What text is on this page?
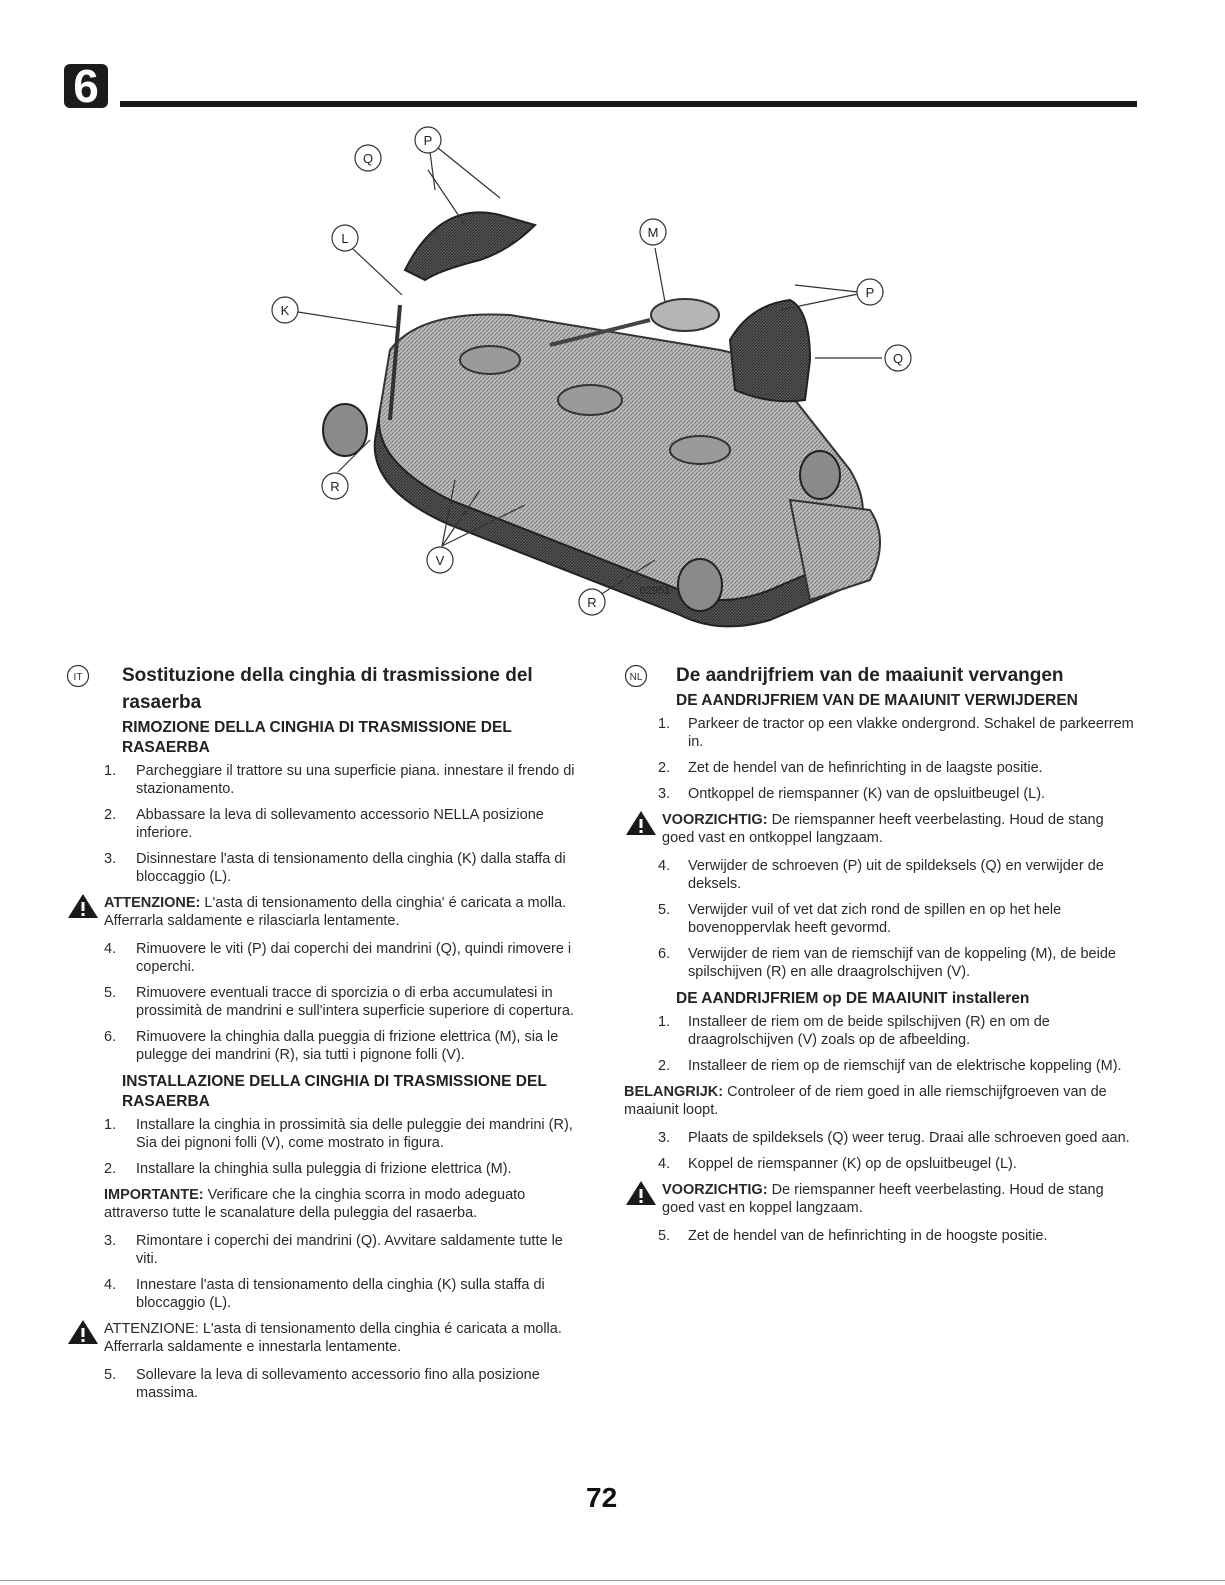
6
P
Q
L
K
M
P
Q
R
V
R
02951
IT Sostituzione della cinghia di trasmissione del rasaerba
RIMOZIONE DELLA CINGHIA DI TRASMISSIONE DEL RASAERBA
1. Parcheggiare il trattore su una superficie piana. innestare il frendo di stazionamento.
2. Abbassare la leva di sollevamento accessorio NELLA posizione inferiore.
3. Disinnestare l'asta di tensionamento della cinghia (K) dalla staffa di bloccaggio (L).
ATTENZIONE: L'asta di tensionamento della cinghia' é caricata a molla. Afferrarla saldamente e rilasciarla lentamente.
4. Rimuovere le viti (P) dai coperchi dei mandrini (Q), quindi rimovere i coperchi.
5. Rimuovere eventuali tracce di sporcizia o di erba accumulatesi in prossimità de mandrini e sull'intera superficie superiore di copertura.
6. Rimuovere la chinghia dalla pueggia di frizione elettrica (M), sia le pulegge dei mandrini (R), sia tutti i pignone folli (V).
INSTALLAZIONE DELLA CINGHIA DI TRASMISSIONE DEL RASAERBA
1. Installare la cinghia in prossimità sia delle puleggie dei mandrini (R), Sia dei pignoni folli (V), come mostrato in figura.
2. Installare la chinghia sulla puleggia di frizione elettrica (M).
IMPORTANTE: Verificare che la cinghia scorra in modo adeguato attraverso tutte le scanalature della puleggia del rasaerba.
3. Rimontare i coperchi dei mandrini (Q). Avvitare saldamente tutte le viti.
4. Innestare l'asta di tensionamento della cinghia (K) sulla staffa di bloccaggio (L).
ATTENZIONE: L'asta di tensionamento della cinghia é caricata a molla. Afferrarla saldamente e innestarla lentamente.
5. Sollevare la leva di sollevamento accessorio fino alla posizione massima.
NL De aandrijfriem van de maaiunit vervangen
DE AANDRIJFRIEM VAN DE MAAIUNIT VERWIJDEREN
1. Parkeer de tractor op een vlakke ondergrond. Schakel de parkeerrem in.
2. Zet de hendel van de hefinrichting in de laagste positie.
3. Ontkoppel de riemspanner (K) van de opsluitbeugel (L).
VOORZICHTIG: De riemspanner heeft veerbelasting. Houd de stang goed vast en ontkoppel langzaam.
4. Verwijder de schroeven (P) uit de spildeksels (Q) en verwijder de deksels.
5. Verwijder vuil of vet dat zich rond de spillen en op het hele bovenoppervlak heeft gevormd.
6. Verwijder de riem van de riemschijf van de koppeling (M), de beide spilschijven (R) en alle draagrolschijven (V).
DE AANDRIJFRIEM op DE MAAIUNIT installeren
1. Installeer de riem om de beide spilschijven (R) en om de draagrolschijven (V) zoals op de afbeelding.
2. Installeer de riem op de riemschijf van de elektrische koppeling (M).
BELANGRIJK: Controleer of de riem goed in alle riemschijfgroeven van de maaiunit loopt.
3. Plaats de spildeksels (Q) weer terug. Draai alle schroeven goed aan.
4. Koppel de riemspanner (K) op de opsluitbeugel (L).
VOORZICHTIG: De riemspanner heeft veerbelasting. Houd de stang goed vast en koppel langzaam.
5. Zet de hendel van de hefinrichting in de hoogste positie.
72
